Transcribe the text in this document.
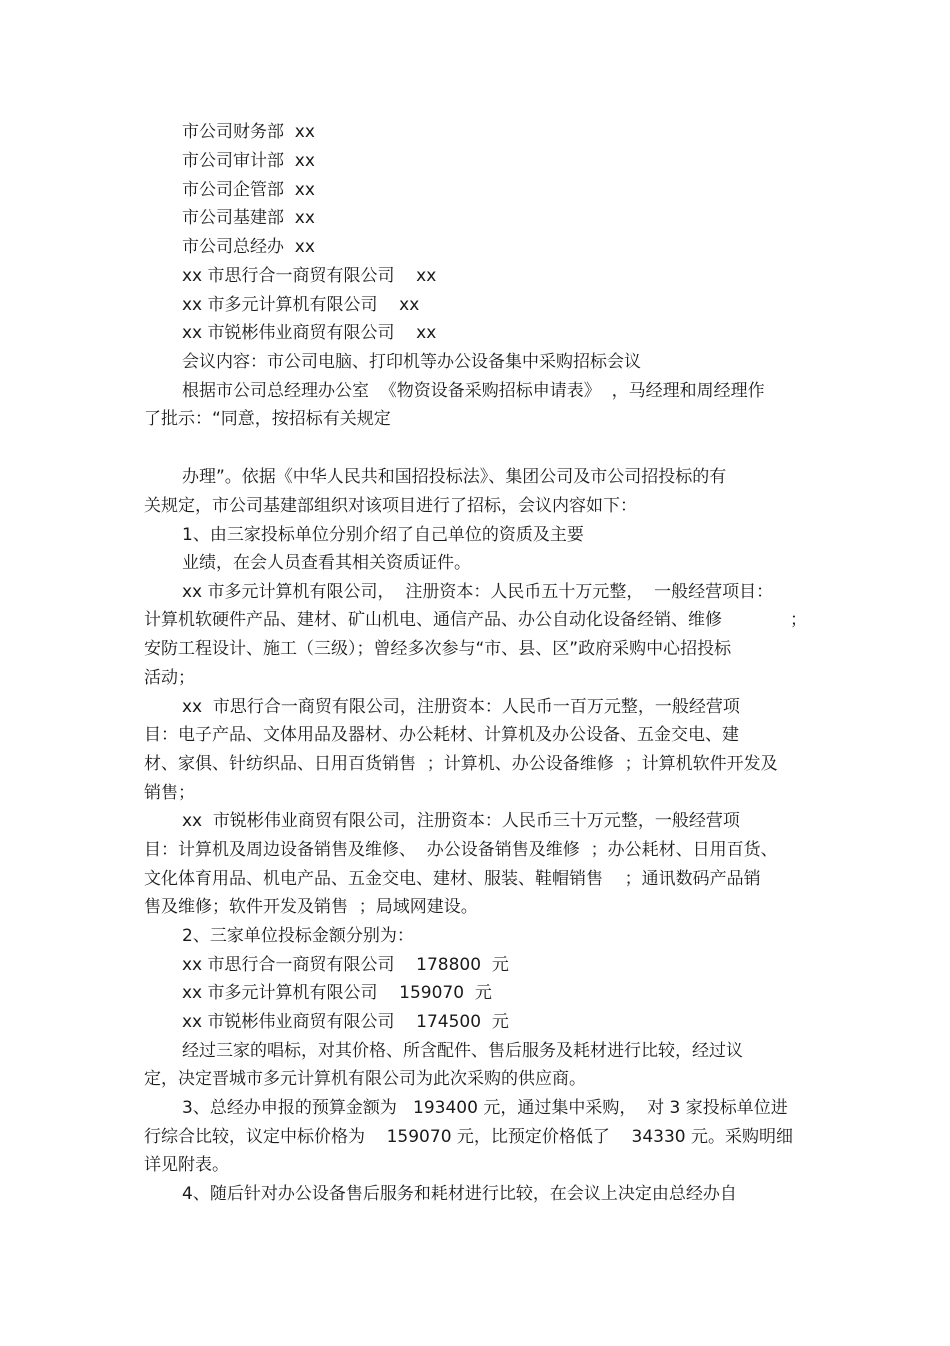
市公司财务部  xx
市公司审计部  xx
市公司企管部  xx
市公司基建部  xx
市公司总经办  xx
xx 市思行合一商贸有限公司    xx
xx 市多元计算机有限公司    xx
xx 市锐彬伟业商贸有限公司    xx
会议内容：市公司电脑、打印机等办公设备集中采购招标会议
根据市公司总经理办公室  《物资设备采购招标申请表》  ，马经理和周经理作
了批示：“同意，按招标有关规定
办理”。依据《中华人民共和国招投标法》、集团公司及市公司招投标的有
关规定，市公司基建部组织对该项目进行了招标，会议内容如下：
1、由三家投标单位分别介绍了自己单位的资质及主要
业绩，在会人员查看其相关资质证件。
xx 市多元计算机有限公司，  注册资本：人民币五十万元整，  一般经营项目：
计算机软硬件产品、建材、矿山机电、通信产品、办公自动化设备经销、维修	；
安防工程设计、施工（三级）；曾经多次参与“市、县、区”政府采购中心招投标
活动；
xx  市思行合一商贸有限公司，注册资本：人民币一百万元整，一般经营项
目：电子产品、文体用品及器材、办公耗材、计算机及办公设备、五金交电、建
材、家俱、针纺织品、日用百货销售  ；计算机、办公设备维修  ；计算机软件开发及
销售；
xx  市锐彬伟业商贸有限公司，注册资本：人民币三十万元整，一般经营项
目：计算机及周边设备销售及维修、  办公设备销售及维修  ；办公耗材、日用百货、
文化体育用品、机电产品、五金交电、建材、服装、鞋帽销售    ；通讯数码产品销
售及维修；软件开发及销售  ；局域网建设。
2、三家单位投标金额分别为：
xx 市思行合一商贸有限公司    178800  元
xx 市多元计算机有限公司    159070  元
xx 市锐彬伟业商贸有限公司    174500  元
经过三家的唱标，对其价格、所含配件、售后服务及耗材进行比较，经过议
定，决定晋城市多元计算机有限公司为此次采购的供应商。
3、总经办申报的预算金额为   193400 元，通过集中采购，  对 3 家投标单位进
行综合比较，议定中标价格为    159070 元，比预定价格低了    34330 元。采购明细
详见附表。
4、随后针对办公设备售后服务和耗材进行比较，在会议上决定由总经办自
